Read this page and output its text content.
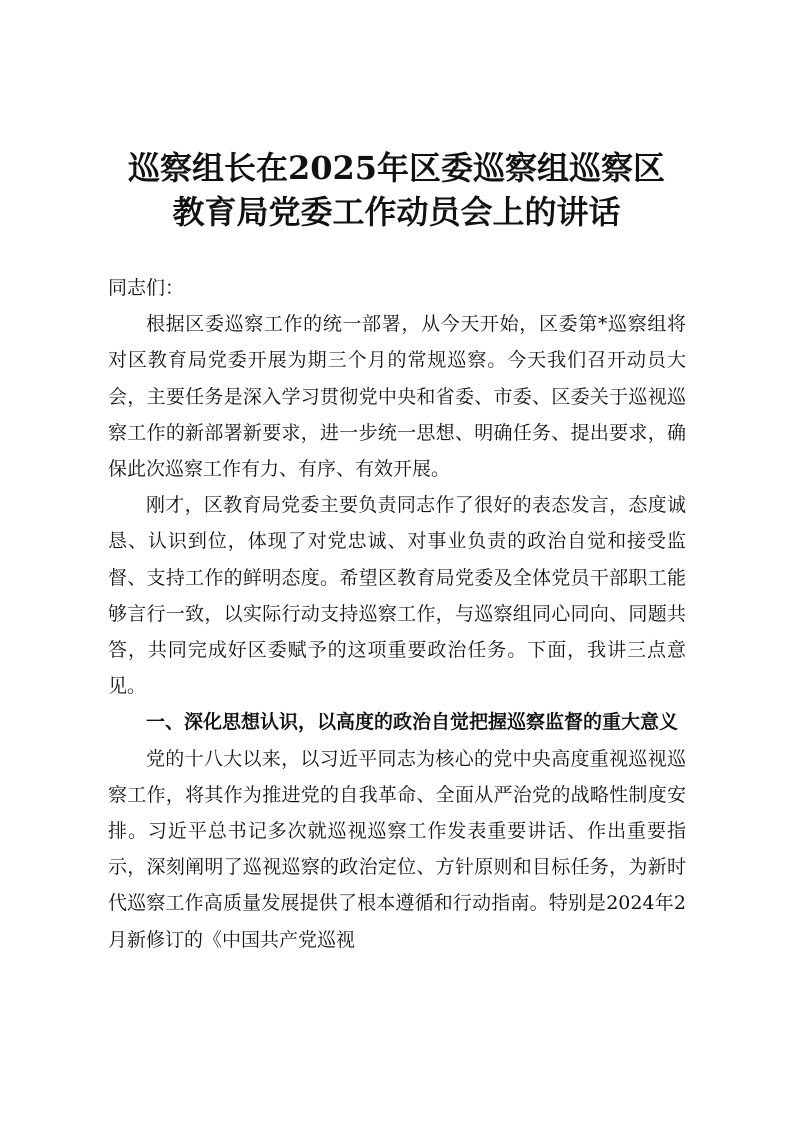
巡察组长在2025年区委巡察组巡察区
教育局党委工作动员会上的讲话

同志们：

根据区委巡察工作的统一部署，从今天开始，区委第*巡察组将对区教育局党委开展为期三个月的常规巡察。今天我们召开动员大会，主要任务是深入学习贯彻党中央和省委、市委、区委关于巡视巡察工作的新部署新要求，进一步统一思想、明确任务、提出要求，确保此次巡察工作有力、有序、有效开展。

刚才，区教育局党委主要负责同志作了很好的表态发言，态度诚恳、认识到位，体现了对党忠诚、对事业负责的政治自觉和接受监督、支持工作的鲜明态度。希望区教育局党委及全体党员干部职工能够言行一致，以实际行动支持巡察工作，与巡察组同心同向、同题共答，共同完成好区委赋予的这项重要政治任务。下面，我讲三点意见。

一、深化思想认识，以高度的政治自觉把握巡察监督的重大意义

党的十八大以来，以习近平同志为核心的党中央高度重视巡视巡察工作，将其作为推进党的自我革命、全面从严治党的战略性制度安排。习近平总书记多次就巡视巡察工作发表重要讲话、作出重要指示，深刻阐明了巡视巡察的政治定位、方针原则和目标任务，为新时代巡察工作高质量发展提供了根本遵循和行动指南。特别是2024年2月新修订的《中国共产党巡视
